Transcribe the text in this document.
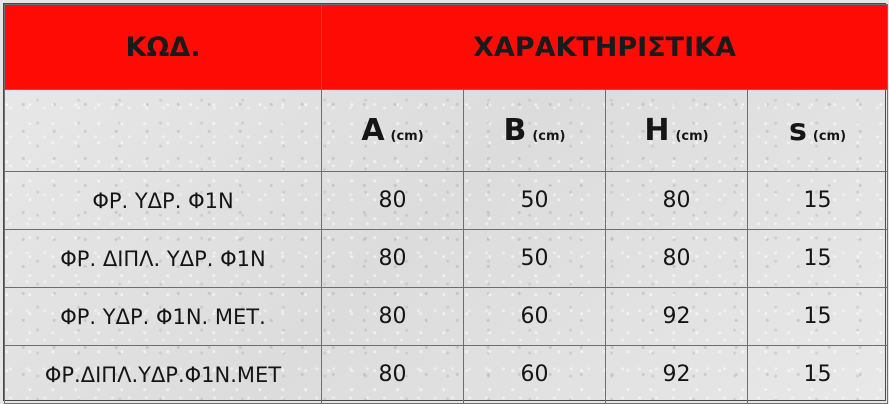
ΚΩΔ.	ΧΑΡΑΚΤΗΡΙΣΤΙΚΑ			
	A (cm)	B (cm)	H (cm)	s (cm)
ΦΡ. ΥΔΡ. Φ1Ν	80	50	80	15
ΦΡ. ΔΙΠΛ. ΥΔΡ. Φ1Ν	80	50	80	15
ΦΡ. ΥΔΡ. Φ1Ν. ΜΕΤ.	80	60	92	15
ΦΡ.ΔΙΠΛ.ΥΔΡ.Φ1Ν.ΜΕΤ	80	60	92	15
